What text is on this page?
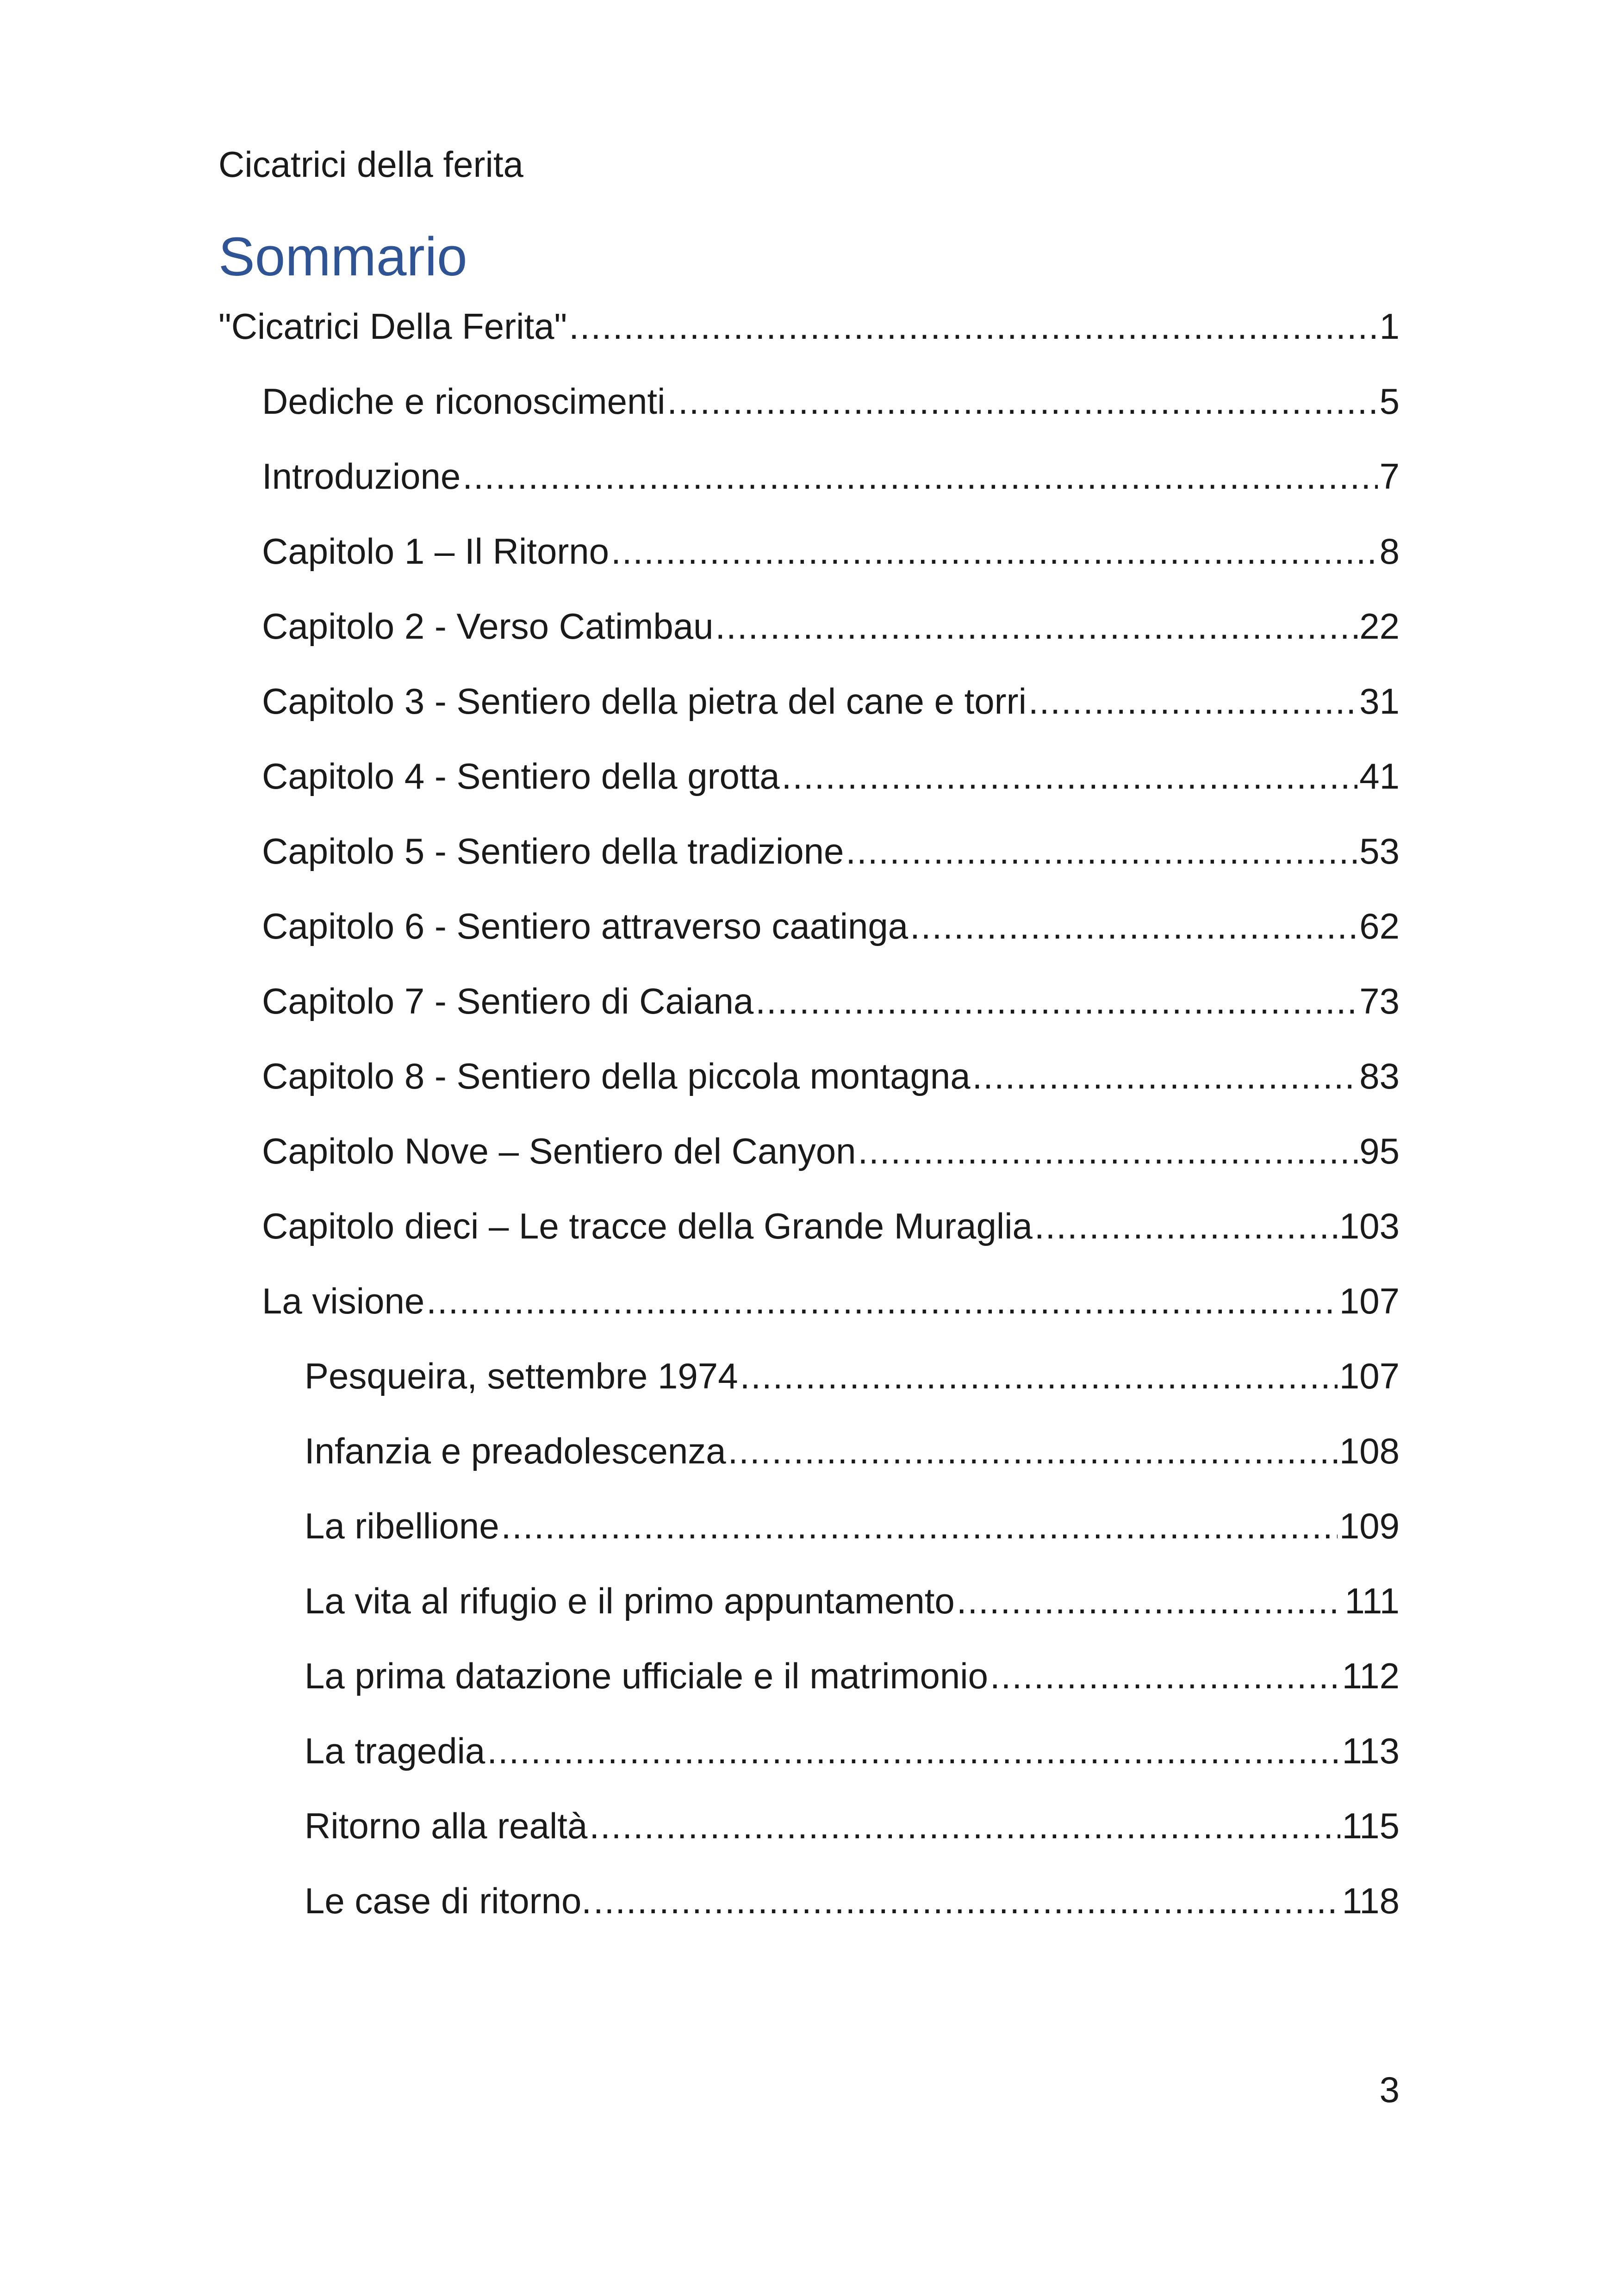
Cicatrici della ferita
Sommario
"Cicatrici Della Ferita" .....	1
Dediche e riconoscimenti .....	5
Introduzione .....	7
Capitolo 1 – Il Ritorno .....	8
Capitolo 2 - Verso Catimbau .....	22
Capitolo 3 - Sentiero della pietra del cane e torri .....	31
Capitolo 4 - Sentiero della grotta .....	41
Capitolo 5 - Sentiero della tradizione .....	53
Capitolo 6 - Sentiero attraverso caatinga .....	62
Capitolo 7 - Sentiero di Caiana .....	73
Capitolo 8 - Sentiero della piccola montagna .....	83
Capitolo Nove – Sentiero del Canyon .....	95
Capitolo dieci – Le tracce della Grande Muraglia .....	103
La visione .....	107
Pesqueira, settembre 1974 .....	107
Infanzia e preadolescenza .....	108
La ribellione .....	109
La vita al rifugio e il primo appuntamento .....	111
La prima datazione ufficiale e il matrimonio .....	112
La tragedia .....	113
Ritorno alla realtà .....	115
Le case di ritorno. .....	118
3
